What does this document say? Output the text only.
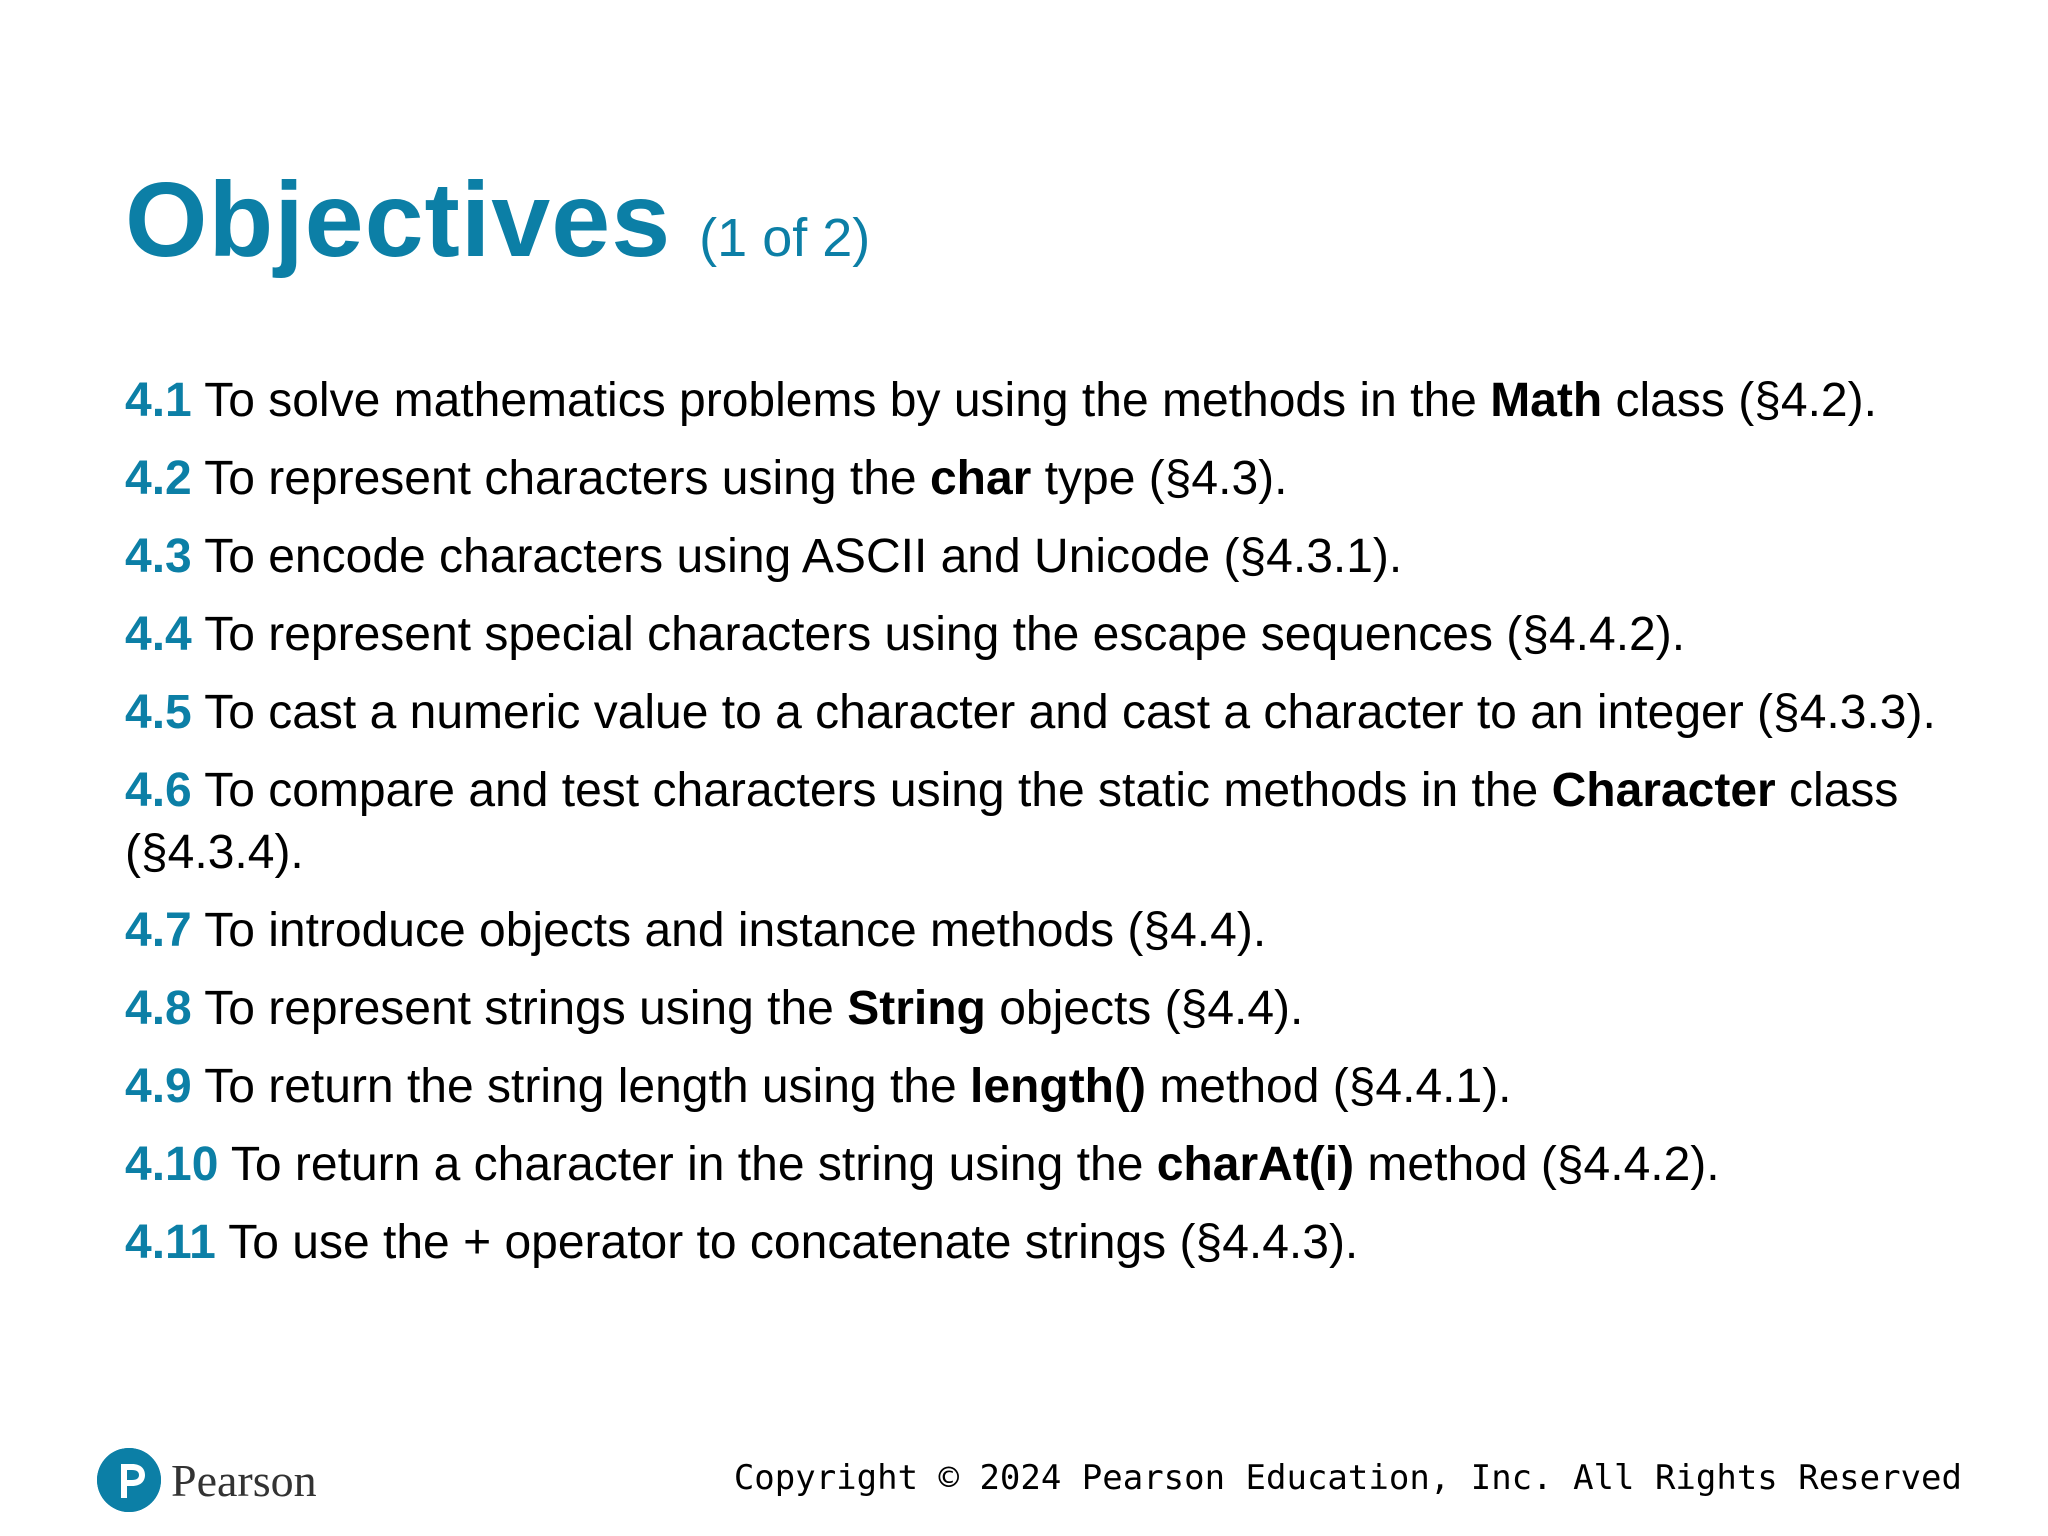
Objectives (1 of 2)

4.1 To solve mathematics problems by using the methods in the Math class (§4.2).

4.2 To represent characters using the char type (§4.3).

4.3 To encode characters using ASCII and Unicode (§4.3.1).

4.4 To represent special characters using the escape sequences (§4.4.2).

4.5 To cast a numeric value to a character and cast a character to an integer (§4.3.3).

4.6 To compare and test characters using the static methods in the Character class (§4.3.4).

4.7 To introduce objects and instance methods (§4.4).

4.8 To represent strings using the String objects (§4.4).

4.9 To return the string length using the length() method (§4.4.1).

4.10 To return a character in the string using the charAt(i) method (§4.4.2).

4.11 To use the + operator to concatenate strings (§4.4.3).

Pearson	Copyright © 2024 Pearson Education, Inc. All Rights Reserved
